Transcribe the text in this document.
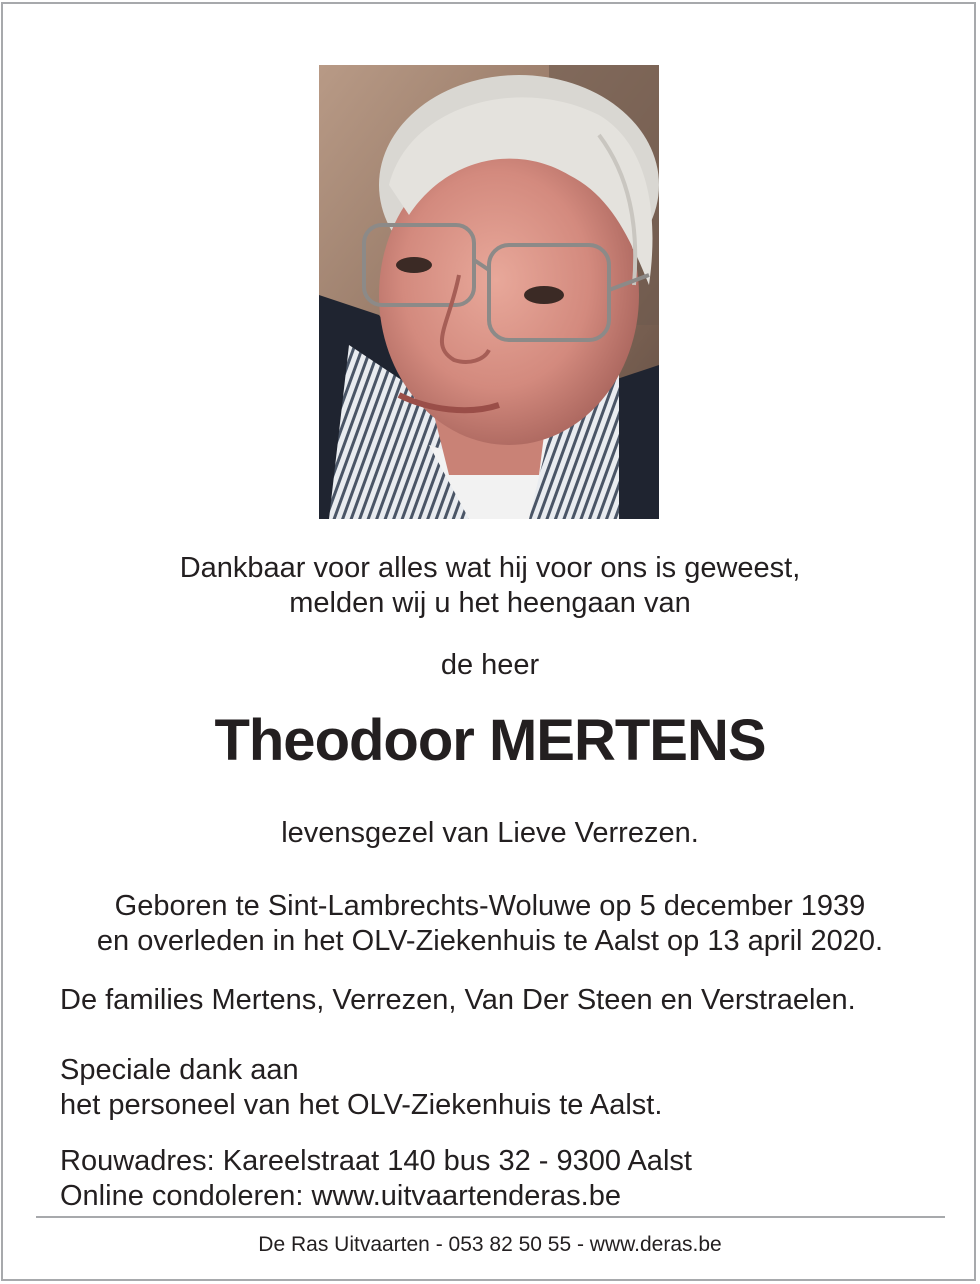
Dankbaar voor alles wat hij voor ons is geweest,
melden wij u het heengaan van
de heer
Theodoor MERTENS
levensgezel van Lieve Verrezen.
Geboren te Sint-Lambrechts-Woluwe op 5 december 1939
en overleden in het OLV-Ziekenhuis te Aalst op 13 april 2020.
De families Mertens, Verrezen, Van Der Steen en Verstraelen.
Speciale dank aan
het personeel van het OLV-Ziekenhuis te Aalst.
Rouwadres: Kareelstraat 140 bus 32 - 9300 Aalst
Online condoleren: www.uitvaartenderas.be
De Ras Uitvaarten - 053 82 50 55 - www.deras.be
